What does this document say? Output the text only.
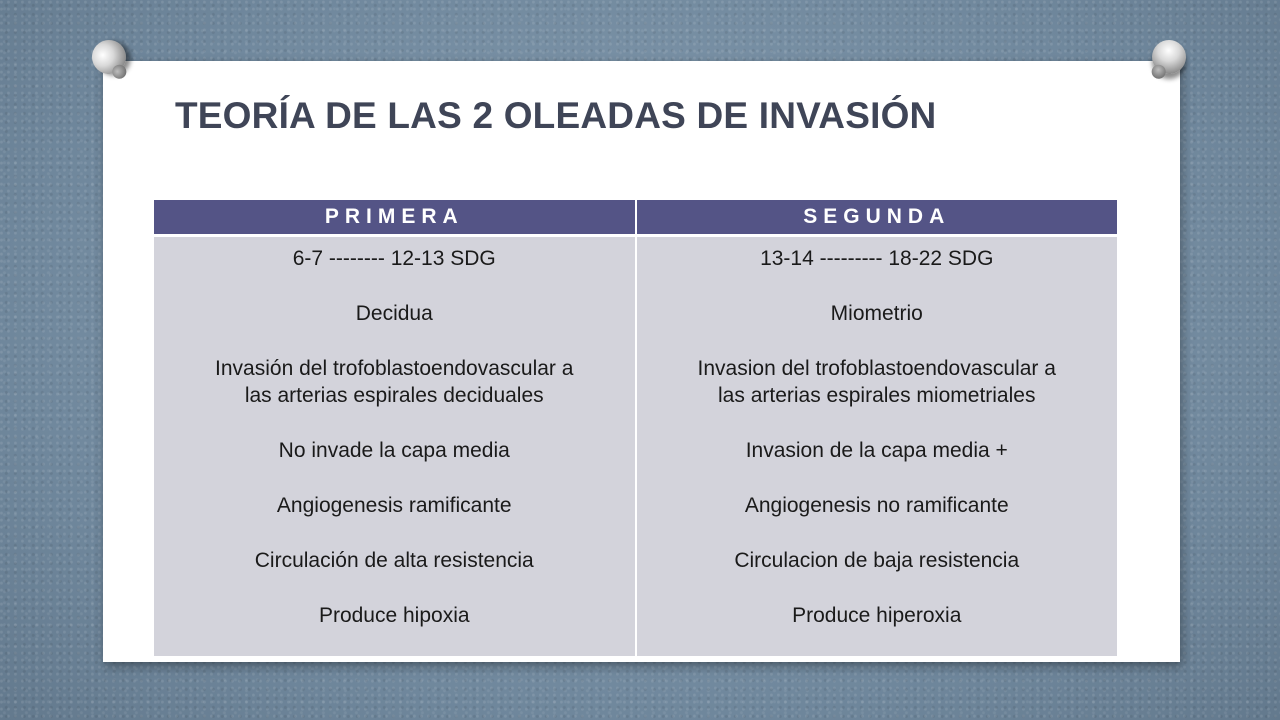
TEORÍA DE LAS 2 OLEADAS DE INVASIÓN
PRIMERA	SEGUNDA
6-7 -------- 12-13 SDG
Decidua
Invasión del trofoblastoendovascular a
las arterias espirales deciduales
No invade la capa media
Angiogenesis ramificante
Circulación de alta resistencia
Produce hipoxia
13-14 --------- 18-22 SDG
Miometrio
Invasion del trofoblastoendovascular a
las arterias espirales miometriales
Invasion de la capa media +
Angiogenesis no ramificante
Circulacion de baja resistencia
Produce hiperoxia
